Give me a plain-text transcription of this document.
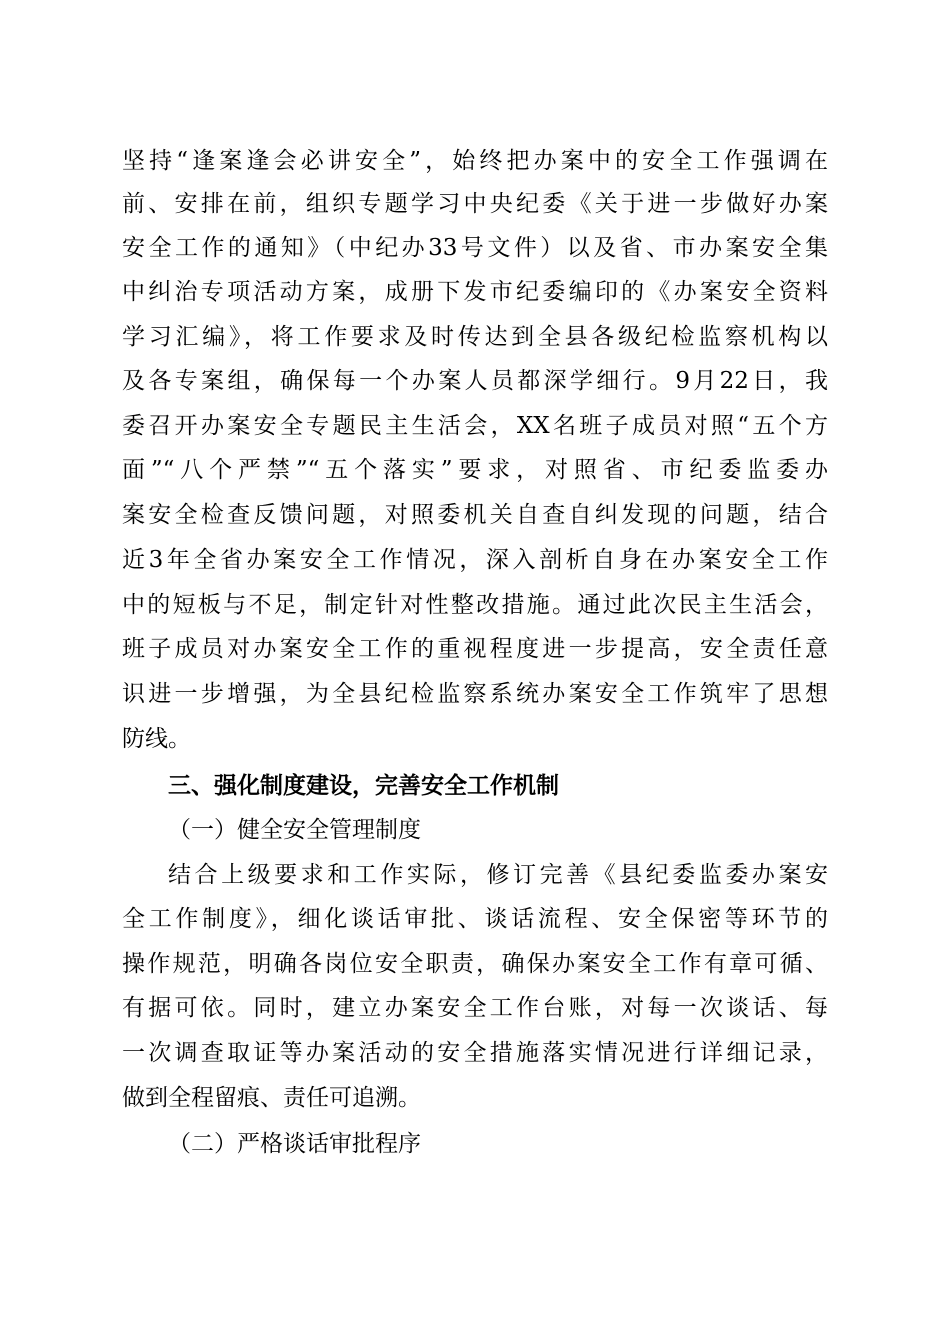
坚持“逢案逢会必讲安全”，始终把办案中的安全工作强调在
前、安排在前，组织专题学习中央纪委《关于进一步做好办案
安全工作的通知》（中纪办33号文件）以及省、市办案安全集
中纠治专项活动方案，成册下发市纪委编印的《办案安全资料
学习汇编》，将工作要求及时传达到全县各级纪检监察机构以
及各专案组，确保每一个办案人员都深学细行。9月22日，我
委召开办案安全专题民主生活会，XX名班子成员对照“五个方
面”“八个严禁”“五个落实”要求，对照省、市纪委监委办
案安全检查反馈问题，对照委机关自查自纠发现的问题，结合
近3年全省办案安全工作情况，深入剖析自身在办案安全工作
中的短板与不足，制定针对性整改措施。通过此次民主生活会，
班子成员对办案安全工作的重视程度进一步提高，安全责任意
识进一步增强，为全县纪检监察系统办案安全工作筑牢了思想
防线。
三、强化制度建设，完善安全工作机制
（一）健全安全管理制度
结合上级要求和工作实际，修订完善《县纪委监委办案安
全工作制度》，细化谈话审批、谈话流程、安全保密等环节的
操作规范，明确各岗位安全职责，确保办案安全工作有章可循、
有据可依。同时，建立办案安全工作台账，对每一次谈话、每
一次调查取证等办案活动的安全措施落实情况进行详细记录，
做到全程留痕、责任可追溯。
（二）严格谈话审批程序
